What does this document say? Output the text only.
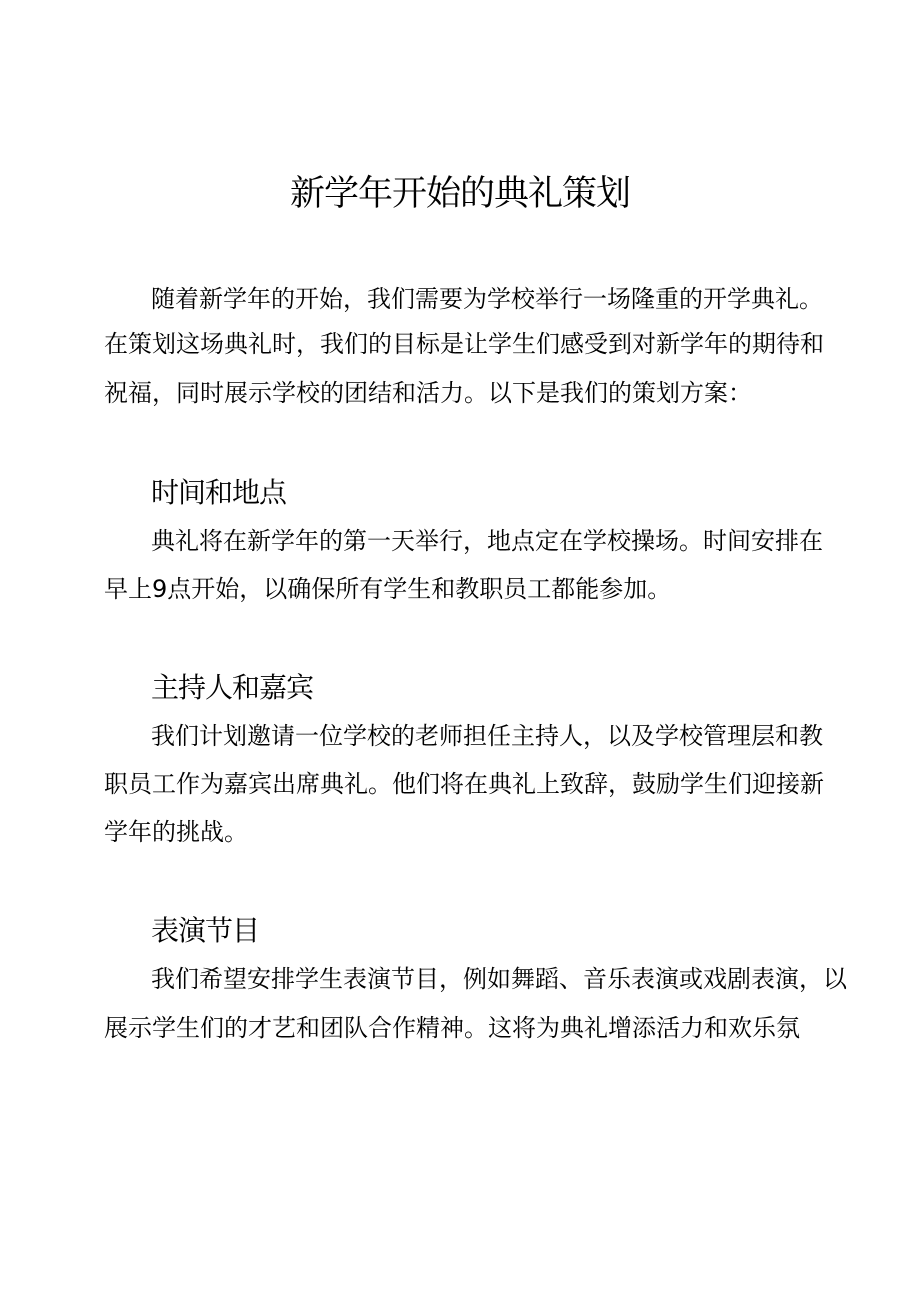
新学年开始的典礼策划

随着新学年的开始，我们需要为学校举行一场隆重的开学典礼。

在策划这场典礼时，我们的目标是让学生们感受到对新学年的期待和

祝福，同时展示学校的团结和活力。以下是我们的策划方案：

时间和地点

典礼将在新学年的第一天举行，地点定在学校操场。时间安排在

早上9点开始，以确保所有学生和教职员工都能参加。

主持人和嘉宾

我们计划邀请一位学校的老师担任主持人，以及学校管理层和教

职员工作为嘉宾出席典礼。他们将在典礼上致辞，鼓励学生们迎接新

学年的挑战。

表演节目

我们希望安排学生表演节目，例如舞蹈、音乐表演或戏剧表演，以

展示学生们的才艺和团队合作精神。这将为典礼增添活力和欢乐氛
